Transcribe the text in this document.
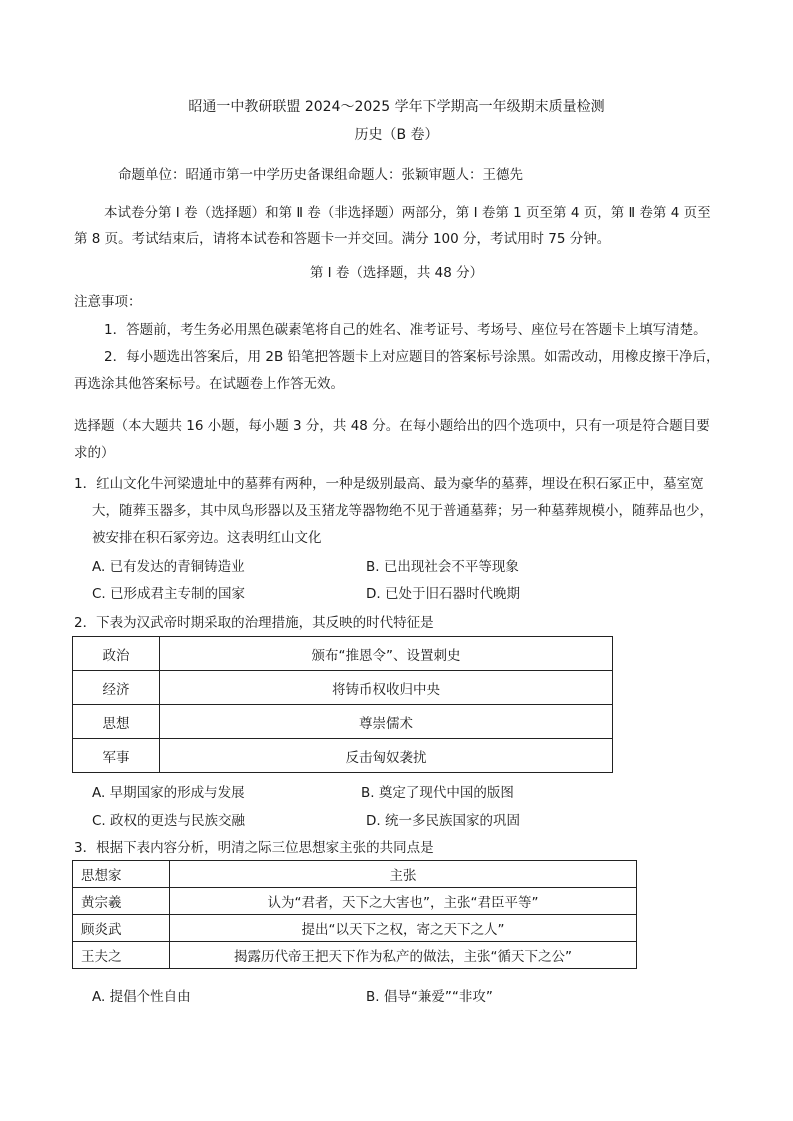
昭通一中教研联盟 2024～2025 学年下学期高一年级期末质量检测
历史（B 卷）
命题单位：昭通市第一中学历史备课组命题人：张颖审题人：王德先
本试卷分第 Ⅰ 卷（选择题）和第 Ⅱ 卷（非选择题）两部分，第 Ⅰ 卷第 1 页至第 4 页，第 Ⅱ 卷第 4 页至
第 8 页。考试结束后，请将本试卷和答题卡一并交回。满分 100 分，考试用时 75 分钟。
第 Ⅰ 卷（选择题，共 48 分）
注意事项：
1．答题前，考生务必用黑色碳素笔将自己的姓名、准考证号、考场号、座位号在答题卡上填写清楚。
2．每小题选出答案后，用 2B 铅笔把答题卡上对应题目的答案标号涂黑。如需改动，用橡皮擦干净后，
再选涂其他答案标号。在试题卷上作答无效。
选择题（本大题共 16 小题，每小题 3 分，共 48 分。在每小题给出的四个选项中，只有一项是符合题目要
求的）
1．红山文化牛河梁遗址中的墓葬有两种，一种是级别最高、最为豪华的墓葬，埋设在积石冢正中，墓室宽
大，随葬玉器多，其中凤鸟形器以及玉猪龙等器物绝不见于普通墓葬；另一种墓葬规模小，随葬品也少，
被安排在积石冢旁边。这表明红山文化
A. 已有发达的青铜铸造业	B. 已出现社会不平等现象
C. 已形成君主专制的国家	D. 已处于旧石器时代晚期
2．下表为汉武帝时期采取的治理措施，其反映的时代特征是
政治	颁布“推恩令”、设置刺史
经济	将铸币权收归中央
思想	尊崇儒术
军事	反击匈奴袭扰
A. 早期国家的形成与发展	B. 奠定了现代中国的版图
C. 政权的更迭与民族交融	D. 统一多民族国家的巩固
3．根据下表内容分析，明清之际三位思想家主张的共同点是
思想家	主张
黄宗羲	认为“君者，天下之大害也”，主张“君臣平等”
顾炎武	提出“以天下之权，寄之天下之人”
王夫之	揭露历代帝王把天下作为私产的做法，主张“循天下之公”
A. 提倡个性自由	B. 倡导“兼爱”“非攻”
